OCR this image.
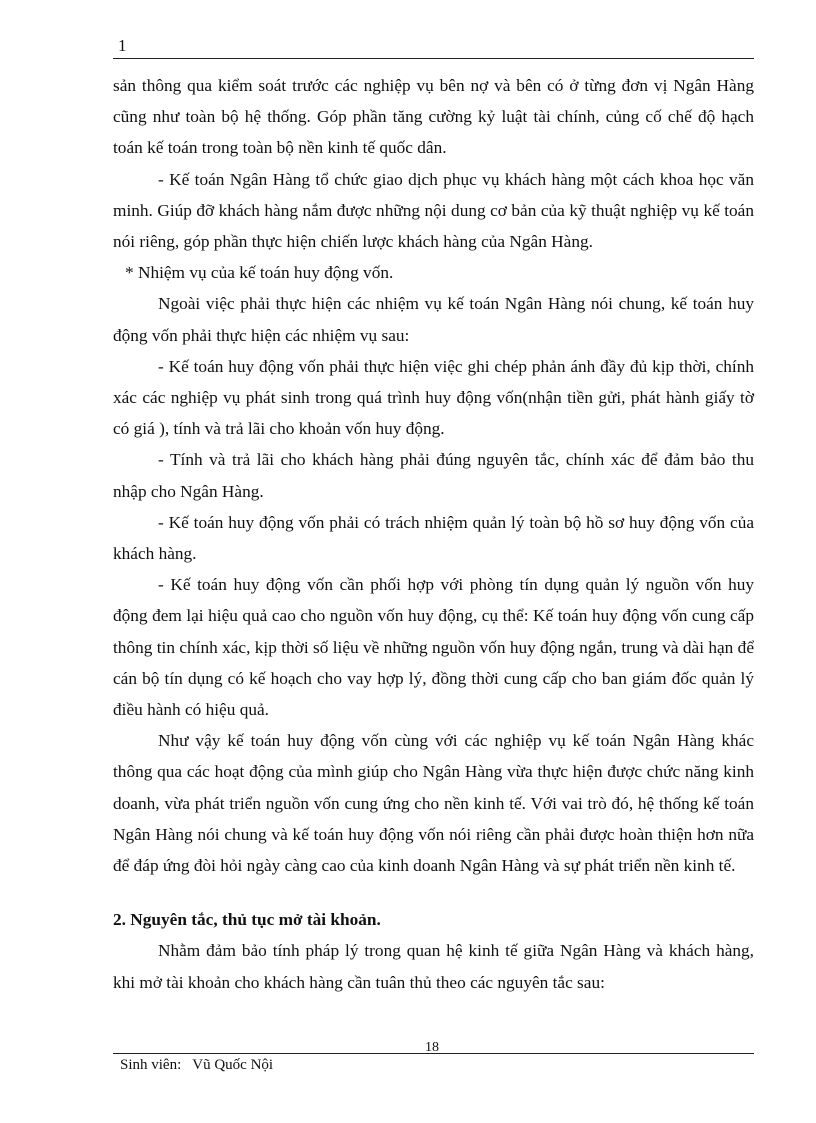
1

sản thông qua kiểm soát trước các nghiệp vụ bên nợ và bên có ở từng đơn vị Ngân Hàng cũng như toàn bộ hệ thống. Góp phần tăng cường kỷ luật tài chính, củng cố chế độ hạch toán kế toán trong toàn bộ nền kinh tế quốc dân.

- Kế toán Ngân Hàng tổ chức giao dịch phục vụ khách hàng một cách khoa học văn minh. Giúp đỡ khách hàng nắm được những nội dung cơ bản của kỹ thuật nghiệp vụ kế toán nói riêng, góp phần thực hiện chiến lược khách hàng của Ngân Hàng.

* Nhiệm vụ của kế toán huy động vốn.

Ngoài việc phải thực hiện các nhiệm vụ kế toán Ngân Hàng nói chung, kế toán huy động vốn phải thực hiện các nhiệm vụ sau:

- Kế toán huy động vốn phải thực hiện việc ghi chép phản ánh đầy đủ kịp thời, chính xác các nghiệp vụ phát sinh trong quá trình huy động vốn(nhận tiền gửi, phát hành giấy tờ có giá ), tính và trả lãi cho khoản vốn huy động.

- Tính và trả lãi cho khách hàng phải đúng nguyên tắc, chính xác để đảm bảo thu nhập cho Ngân Hàng.

- Kế toán huy động vốn phải có trách nhiệm quản lý toàn bộ hồ sơ huy động vốn của khách hàng.

- Kế toán huy động vốn cần phối hợp với phòng tín dụng quản lý nguồn vốn huy động đem lại hiệu quả cao cho nguồn vốn huy động, cụ thể: Kế toán huy động vốn cung cấp thông tin chính xác, kịp thời số liệu về những nguồn vốn huy động ngắn, trung và dài hạn để cán bộ tín dụng có kế hoạch cho vay hợp lý, đồng thời cung cấp cho ban giám đốc quản lý điều hành có hiệu quả.

Như vậy kế toán huy động vốn cùng với các nghiệp vụ kế toán Ngân Hàng khác thông qua các hoạt động của mình giúp cho Ngân Hàng vừa thực hiện được chức năng kinh doanh, vừa phát triển nguồn vốn cung ứng cho nền kinh tế. Với vai trò đó, hệ thống kế toán Ngân Hàng nói chung và kế toán huy động vốn nói riêng cần phải được hoàn thiện hơn nữa để đáp ứng đòi hỏi ngày càng cao của kinh doanh Ngân Hàng và sự phát triển nền kinh tế.

2. Nguyên tắc, thủ tục mở tài khoản.

Nhằm đảm bảo tính pháp lý trong quan hệ kinh tế giữa Ngân Hàng và khách hàng, khi mở tài khoản cho khách hàng cần tuân thủ theo các nguyên tắc sau:

18
Sinh viên: Vũ Quốc Nội
